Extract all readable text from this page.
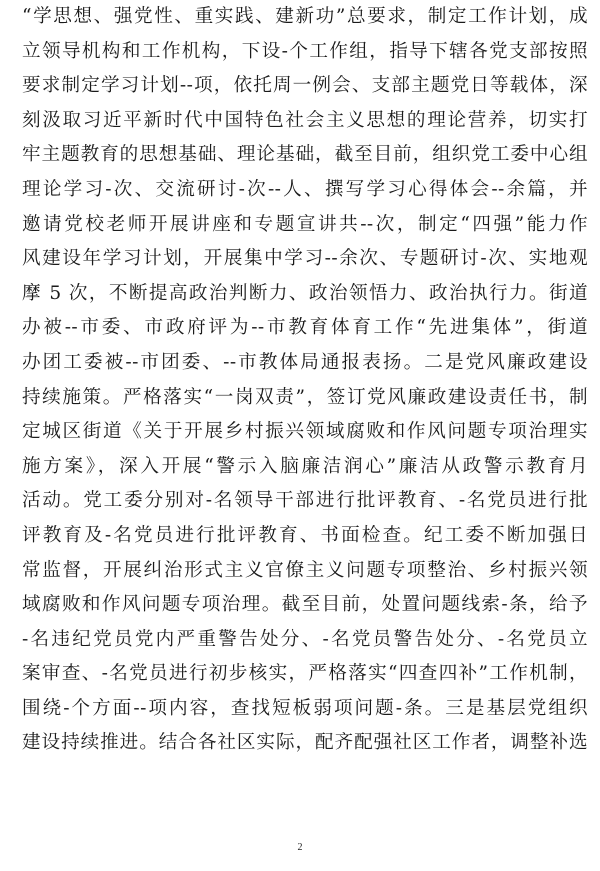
“学思想、强党性、重实践、建新功”总要求，制定工作计划，成
立领导机构和工作机构，下设-个工作组，指导下辖各党支部按照
要求制定学习计划--项，依托周一例会、支部主题党日等载体，深
刻汲取习近平新时代中国特色社会主义思想的理论营养，切实打
牢主题教育的思想基础、理论基础，截至目前，组织党工委中心组
理论学习-次、交流研讨-次--人、撰写学习心得体会--余篇，并
邀请党校老师开展讲座和专题宣讲共--次，制定“四强”能力作
风建设年学习计划，开展集中学习--余次、专题研讨-次、实地观
摩 5 次，不断提高政治判断力、政治领悟力、政治执行力。街道
办被--市委、市政府评为--市教育体育工作“先进集体”，街道
办团工委被--市团委、--市教体局通报表扬。二是党风廉政建设
持续施策。严格落实“一岗双责”，签订党风廉政建设责任书，制
定城区街道《关于开展乡村振兴领域腐败和作风问题专项治理实
施方案》，深入开展“警示入脑廉洁润心”廉洁从政警示教育月
活动。党工委分别对-名领导干部进行批评教育、-名党员进行批
评教育及-名党员进行批评教育、书面检查。纪工委不断加强日
常监督，开展纠治形式主义官僚主义问题专项整治、乡村振兴领
域腐败和作风问题专项治理。截至目前，处置问题线索-条，给予
-名违纪党员党内严重警告处分、-名党员警告处分、-名党员立
案审查、-名党员进行初步核实，严格落实“四查四补”工作机制，
围绕-个方面--项内容，查找短板弱项问题-条。三是基层党组织
建设持续推进。结合各社区实际，配齐配强社区工作者，调整补选
2
